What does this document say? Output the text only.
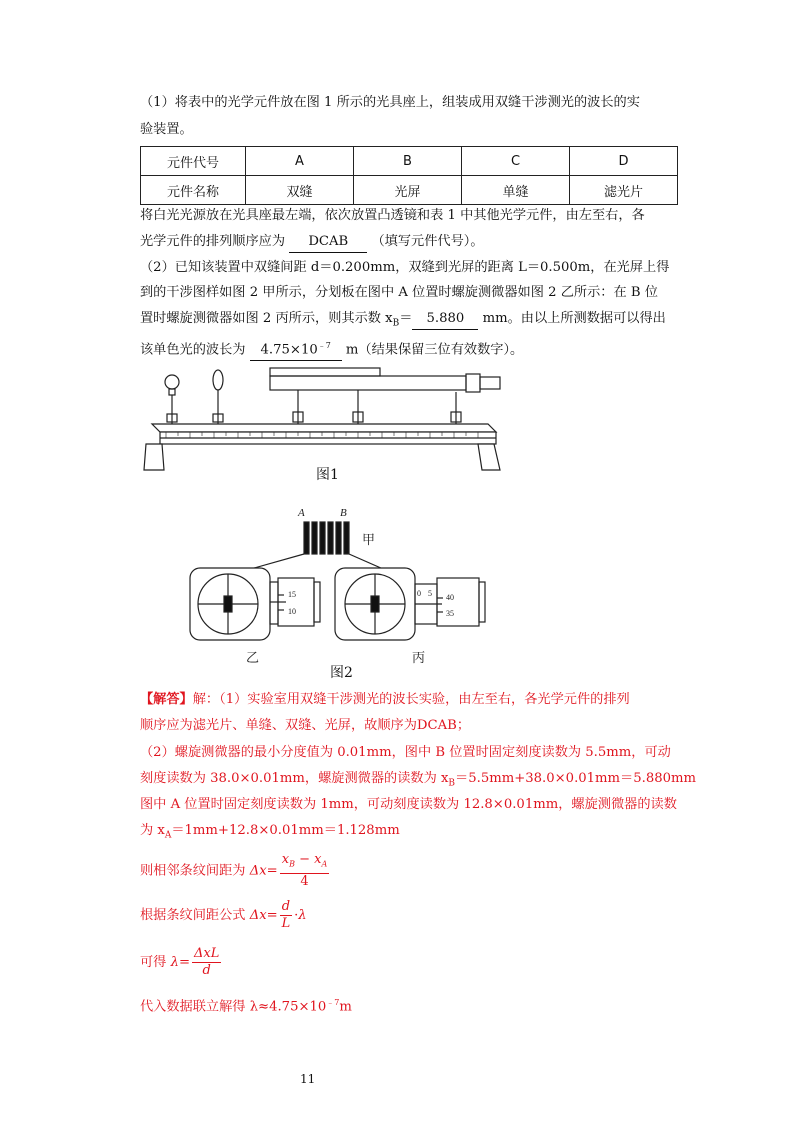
（1）将表中的光学元件放在图 1 所示的光具座上，组装成用双缝干涉测光的波长的实
验装置。
元件代号	A	B	C	D
元件名称	双缝	光屏	单缝	滤光片
将白光光源放在光具座最左端，依次放置凸透镜和表 1 中其他光学元件，由左至右，各
光学元件的排列顺序应为 DCAB （填写元件代号）。
（2）已知该装置中双缝间距 d＝0.200mm，双缝到光屏的距离 L＝0.500m，在光屏上得
到的干涉图样如图 2 甲所示，分划板在图中 A 位置时螺旋测微器如图 2 乙所示：在 B 位
置时螺旋测微器如图 2 丙所示，则其示数 $x_B= 5.880$ mm。由以上所测数据可以得出
该单色光的波长为 $4.75\times 10^{﹣7}$ m（结果保留三位有效数字）。
图1
A	B
甲
15
10
0 5 40
35
乙	丙
图2
【解答】解：（1）实验室用双缝干涉测光的波长实验，由左至右，各光学元件的排列
顺序应为滤光片、单缝、双缝、光屏，故顺序为DCAB；
（2）螺旋测微器的最小分度值为 0.01mm，图中 B 位置时固定刻度读数为 5.5mm，可动
刻度读数为 38.0×0.01mm，螺旋测微器的读数为 $x_B=5.5mm+38.0\times 0.01mm=5.880mm$
图中 A 位置时固定刻度读数为 1mm，可动刻度读数为 12.8×0.01mm，螺旋测微器的读数
为 $x_A=1mm+12.8\times 0.01mm=1.128mm$
则相邻条纹间距为 $\Delta x= \frac{x_B - x_A}{4}$
根据条纹间距公式 $\Delta x= \frac{d}{L} \cdot\lambda$
可得 $\lambda= \frac{\text{ΔxL}}{d}$
代入数据联立解得 $\lambda\approx 4.75\times 10^{﹣7}m$
11
